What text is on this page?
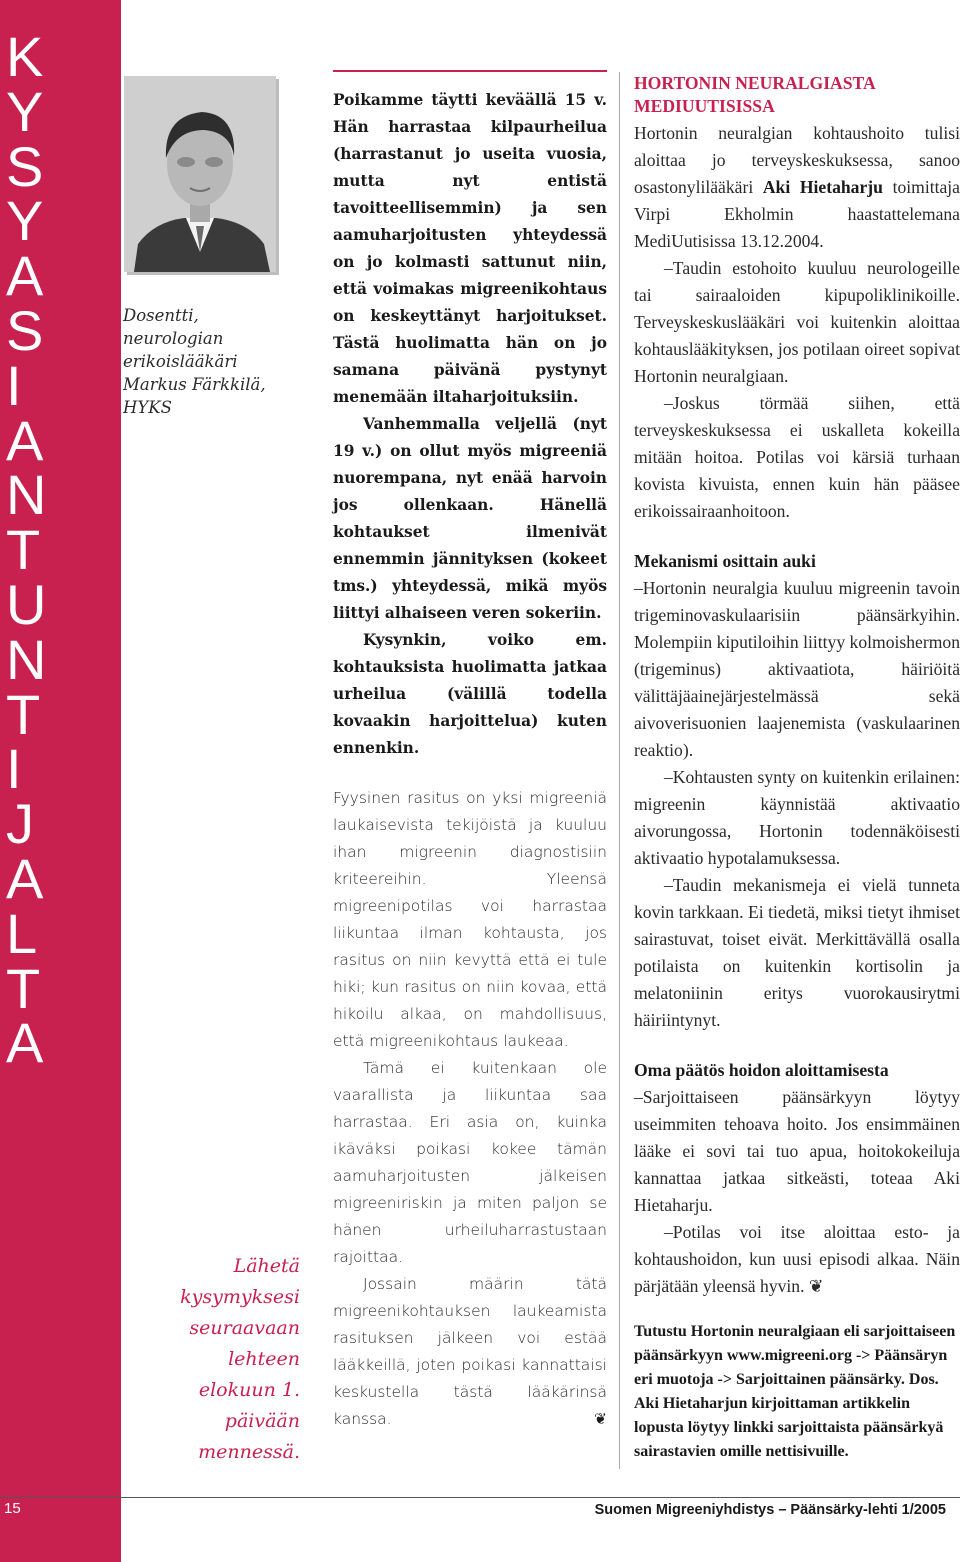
K
Y
S
Y
A
S
I
A
N
T
U
N
T
I
J
A
L
T
A
Dosentti,
neurologian
erikoislääkäri
Markus Färkkilä,
HYKS
Lähetä
kysymyksesi
seuraavaan
lehteen
elokuun 1.
päivään
mennessä.

Poikamme täytti keväällä 15 v. Hän harrastaa kilpaurheilua (harrastanut jo useita vuosia, mutta nyt entistä tavoitteellisemmin) ja sen aamuharjoitusten yhteydessä on jo kolmasti sattunut niin, että voimakas migreenikohtaus on keskeyttänyt harjoitukset. Tästä huolimatta hän on jo samana päivänä pystynyt menemään iltaharjoituksiin.

Vanhemmalla veljellä (nyt 19 v.) on ollut myös migreeniä nuorempana, nyt enää harvoin jos ollenkaan. Hänellä kohtaukset ilmenivät ennemmin jännityksen (kokeet tms.) yhteydessä, mikä myös liittyi alhaiseen veren sokeriin.

Kysynkin, voiko em. kohtauksista huolimatta jatkaa urheilua (välillä todella kovaakin harjoittelua) kuten ennenkin.

Fyysinen rasitus on yksi migreeniä laukaisevista tekijöistä ja kuuluu ihan migreenin diagnostisiin kriteereihin. Yleensä migreenipotilas voi harrastaa liikuntaa ilman kohtausta, jos rasitus on niin kevyttä että ei tule hiki; kun rasitus on niin kovaa, että hikoilu alkaa, on mahdollisuus, että migreenikohtaus laukeaa.

Tämä ei kuitenkaan ole vaarallista ja liikuntaa saa harrastaa. Eri asia on, kuinka ikäväksi poikasi kokee tämän aamuharjoitusten jälkeisen migreeniriskin ja miten paljon se hänen urheiluharrastustaan rajoittaa.

Jossain määrin tätä migreenikohtauksen laukeamista rasituksen jälkeen voi estää lääkkeillä, joten poikasi kannattaisi keskustella tästä lääkärinsä kanssa.	❦

HORTONIN NEURALGIASTA MEDIUUTISISSA

Hortonin neuralgian kohtaushoito tulisi aloittaa jo terveyskeskuksessa, sanoo osastonylilääkäri Aki Hietaharju toimittaja Virpi Ekholmin haastattelemana MediUutisissa 13.12.2004.

–Taudin estohoito kuuluu neurologeille tai sairaaloiden kipupoliklinikoille. Terveyskeskuslääkäri voi kuitenkin aloittaa kohtauslääkityksen, jos potilaan oireet sopivat Hortonin neuralgiaan.

–Joskus törmää siihen, että terveyskeskuksessa ei uskalleta kokeilla mitään hoitoa. Potilas voi kärsiä turhaan kovista kivuista, ennen kuin hän pääsee erikoissairaanhoitoon.

Mekanismi osittain auki

–Hortonin neuralgia kuuluu migreenin tavoin trigeminovaskulaarisiin päänsärkyihin. Molempiin kiputiloihin liittyy kolmoishermon (trigeminus) aktivaatiota, häiriöitä välittäjäainejärjestelmässä sekä aivoverisuonien laajenemista (vaskulaarinen reaktio).

–Kohtausten synty on kuitenkin erilainen: migreenin käynnistää aktivaatio aivorungossa, Hortonin todennäköisesti aktivaatio hypotalamuksessa.

–Taudin mekanismeja ei vielä tunneta kovin tarkkaan. Ei tiedetä, miksi tietyt ihmiset sairastuvat, toiset eivät. Merkittävällä osalla potilaista on kuitenkin kortisolin ja melatoniinin eritys vuorokausirytmi häiriintynyt.

Oma päätös hoidon aloittamisesta

–Sarjoittaiseen päänsärkyyn löytyy useimmiten tehoava hoito. Jos ensimmäinen lääke ei sovi tai tuo apua, hoitokokeiluja kannattaa jatkaa sitkeästi, toteaa Aki Hietaharju.

–Potilas voi itse aloittaa esto- ja kohtaushoidon, kun uusi episodi alkaa. Näin pärjätään yleensä hyvin. ❦

Tutustu Hortonin neuralgiaan eli sarjoittaiseen päänsärkyyn www.migreeni.org -> Päänsäryn eri muotoja -> Sarjoittainen päänsärky. Dos. Aki Hietaharjun kirjoittaman artikkelin lopusta löytyy linkki sarjoittaista päänsärkyä sairastavien omille nettisivuille.
15	Suomen Migreeniyhdistys – Päänsärky-lehti 1/2005
